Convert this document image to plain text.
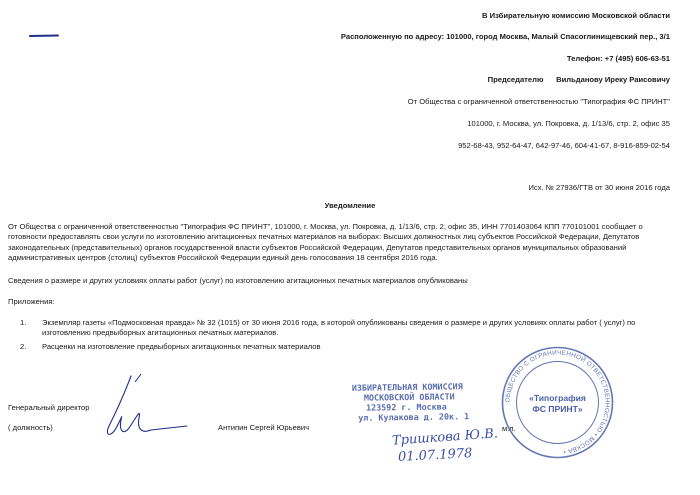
В Избирательную комиссию Московской области
Расположенную по адресу: 101000, город Москва, Малый Спасоглинищевский пер., 3/1
Телефон: +7 (495) 606-63-51
Председателю Вильданову Иреку Раисовичу
От Общества с ограниченной ответственностью "Типография ФС ПРИНТ"
101000, г. Москва, ул. Покровка, д. 1/13/6, стр. 2, офис 35
952-68-43, 952-64-47, 642-97-46, 604-41-67, 8-916-859-02-54
Исх. № 27936/ГТВ от 30 июня 2016 года
Уведомление
От Общества с ограниченной ответственностью "Типография ФС ПРИНТ", 101000, г. Москва, ул. Покровка, д. 1/13/6, стр. 2, офис 35, ИНН 7701403064 КПП 770101001 сообщает о готовности предоставлять свои услуги по изготовлению агитационных печатных материалов на выборах: Высших должностных лиц субъектов Российской Федерации, Депутатов законодательных (представительных) органов государственной власти субъектов Российской Федерации, Депутатов представительных органов муниципальных образований административных центров (столиц) субъектов Российской Федерации единый день голосования 18 сентября 2016 года.
Сведения о размере и других условиях оплаты работ (услуг) по изготовлению агитационных печатных материалов опубликованы
Приложения:
1. Экземпляр газеты «Подмосковная правда» № 32 (1015) от 30 июня 2016 года, в которой опубликованы сведения о размере и других условиях оплаты работ ( услуг) по изготовлению предвыборных агитационных печатных материалов.
2. Расценки на изготовление предвыборных агитационных печатных материалов
Генеральный директор
( должность)	Антипин Сергей Юрьевич	м.п.
ИЗБИРАТЕЛЬНАЯ КОМИССИЯ
МОСКОВСКОЙ ОБЛАСТИ
123592 г. Москва
ул. Кулакова д. 20к. 1
Тришкова Ю.В.
01.07.1978
ОБЩЕСТВО С ОГРАНИЧЕННОЙ ОТВЕТСТВЕННОСТЬЮ • МОСКВА •
«Типография ФС ПРИНТ»
